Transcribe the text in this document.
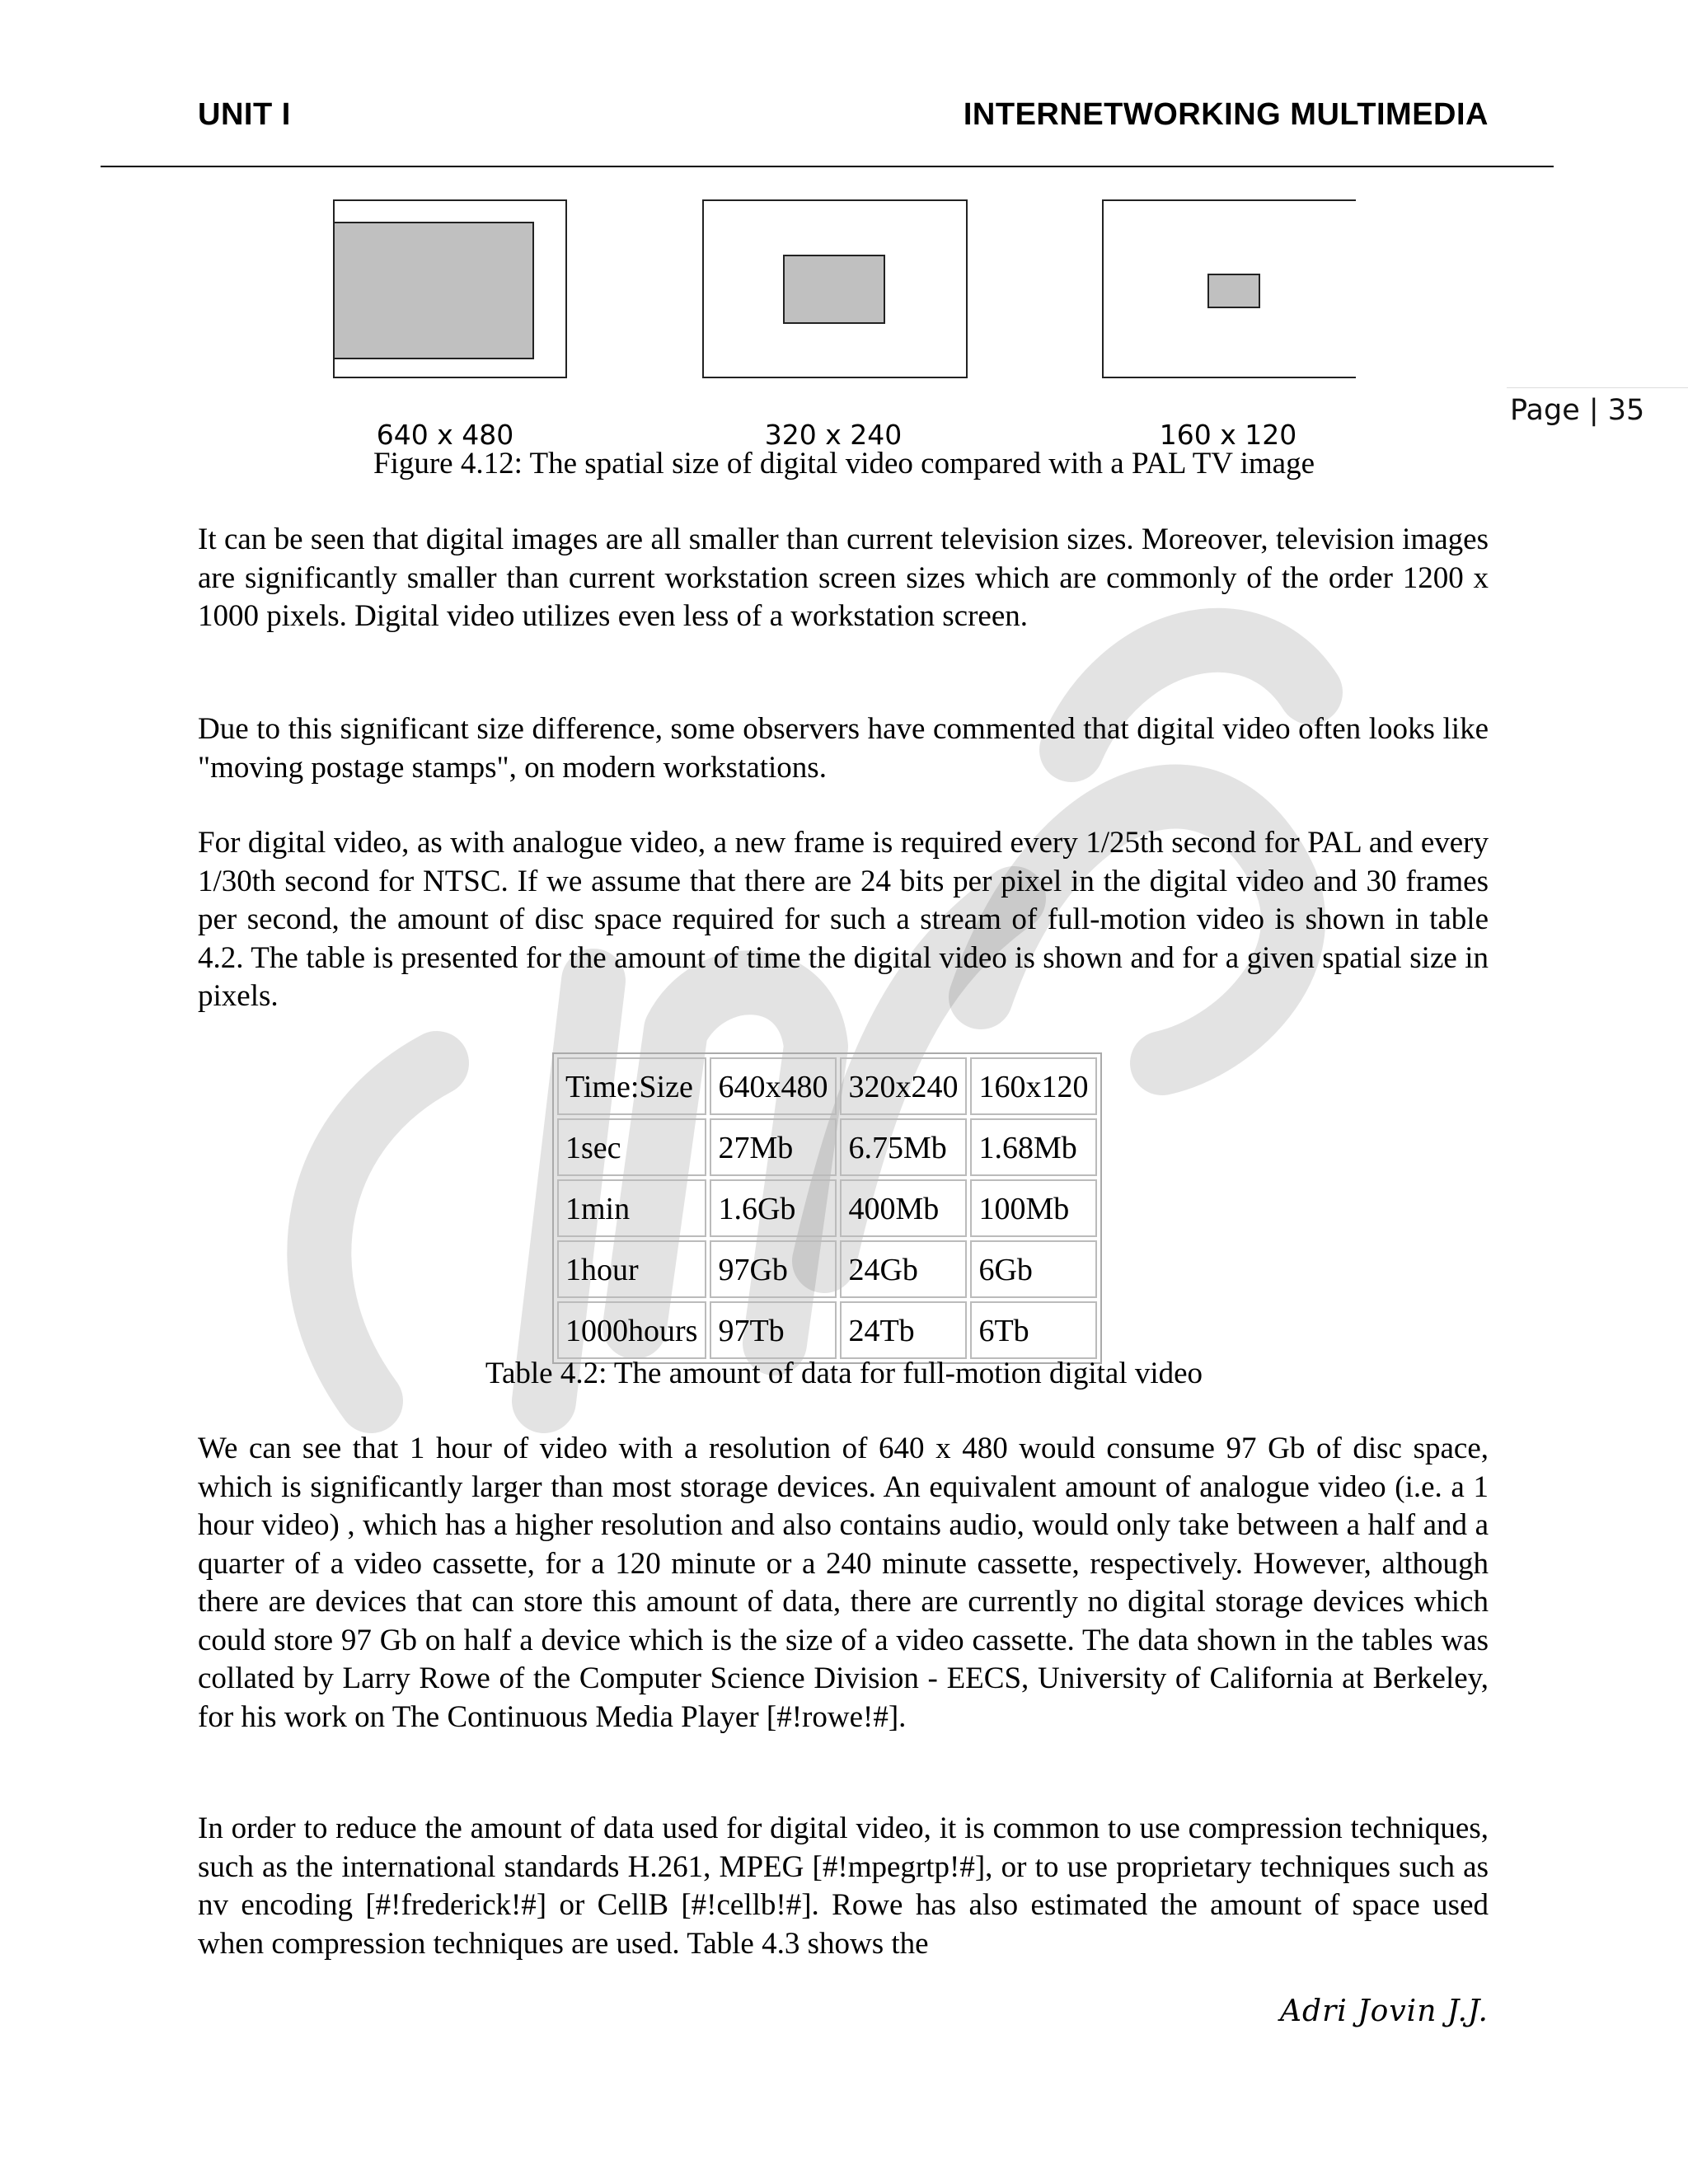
UNIT I	INTERNETWORKING MULTIMEDIA
Page | 35
640 x 480	320 x 240	160 x 120
Figure 4.12: The spatial size of digital video compared with a PAL TV image

It can be seen that digital images are all smaller than current television sizes. Moreover, television images are significantly smaller than current workstation screen sizes which are commonly of the order 1200 x 1000 pixels. Digital video utilizes even less of a workstation screen.

Due to this significant size difference, some observers have commented that digital video often looks like "moving postage stamps", on modern workstations.

For digital video, as with analogue video, a new frame is required every 1/25th second for PAL and every 1/30th second for NTSC. If we assume that there are 24 bits per pixel in the digital video and 30 frames per second, the amount of disc space required for such a stream of full-motion video is shown in table 4.2. The table is presented for the amount of time the digital video is shown and for a given spatial size in pixels.

Time:Size	640x480	320x240	160x120
1sec	27Mb	6.75Mb	1.68Mb
1min	1.6Gb	400Mb	100Mb
1hour	97Gb	24Gb	6Gb
1000hours	97Tb	24Tb	6Tb
Table 4.2: The amount of data for full-motion digital video

We can see that 1 hour of video with a resolution of 640 x 480 would consume 97 Gb of disc space, which is significantly larger than most storage devices. An equivalent amount of analogue video (i.e. a 1 hour video) , which has a higher resolution and also contains audio, would only take between a half and a quarter of a video cassette, for a 120 minute or a 240 minute cassette, respectively. However, although there are devices that can store this amount of data, there are currently no digital storage devices which could store 97 Gb on half a device which is the size of a video cassette. The data shown in the tables was collated by Larry Rowe of the Computer Science Division - EECS, University of California at Berkeley, for his work on The Continuous Media Player [#!rowe!#].

In order to reduce the amount of data used for digital video, it is common to use compression techniques, such as the international standards H.261, MPEG [#!mpegrtp!#], or to use proprietary techniques such as nv encoding [#!frederick!#] or CellB [#!cellb!#]. Rowe has also estimated the amount of space used when compression techniques are used. Table 4.3 shows the

Adri Jovin J.J.
